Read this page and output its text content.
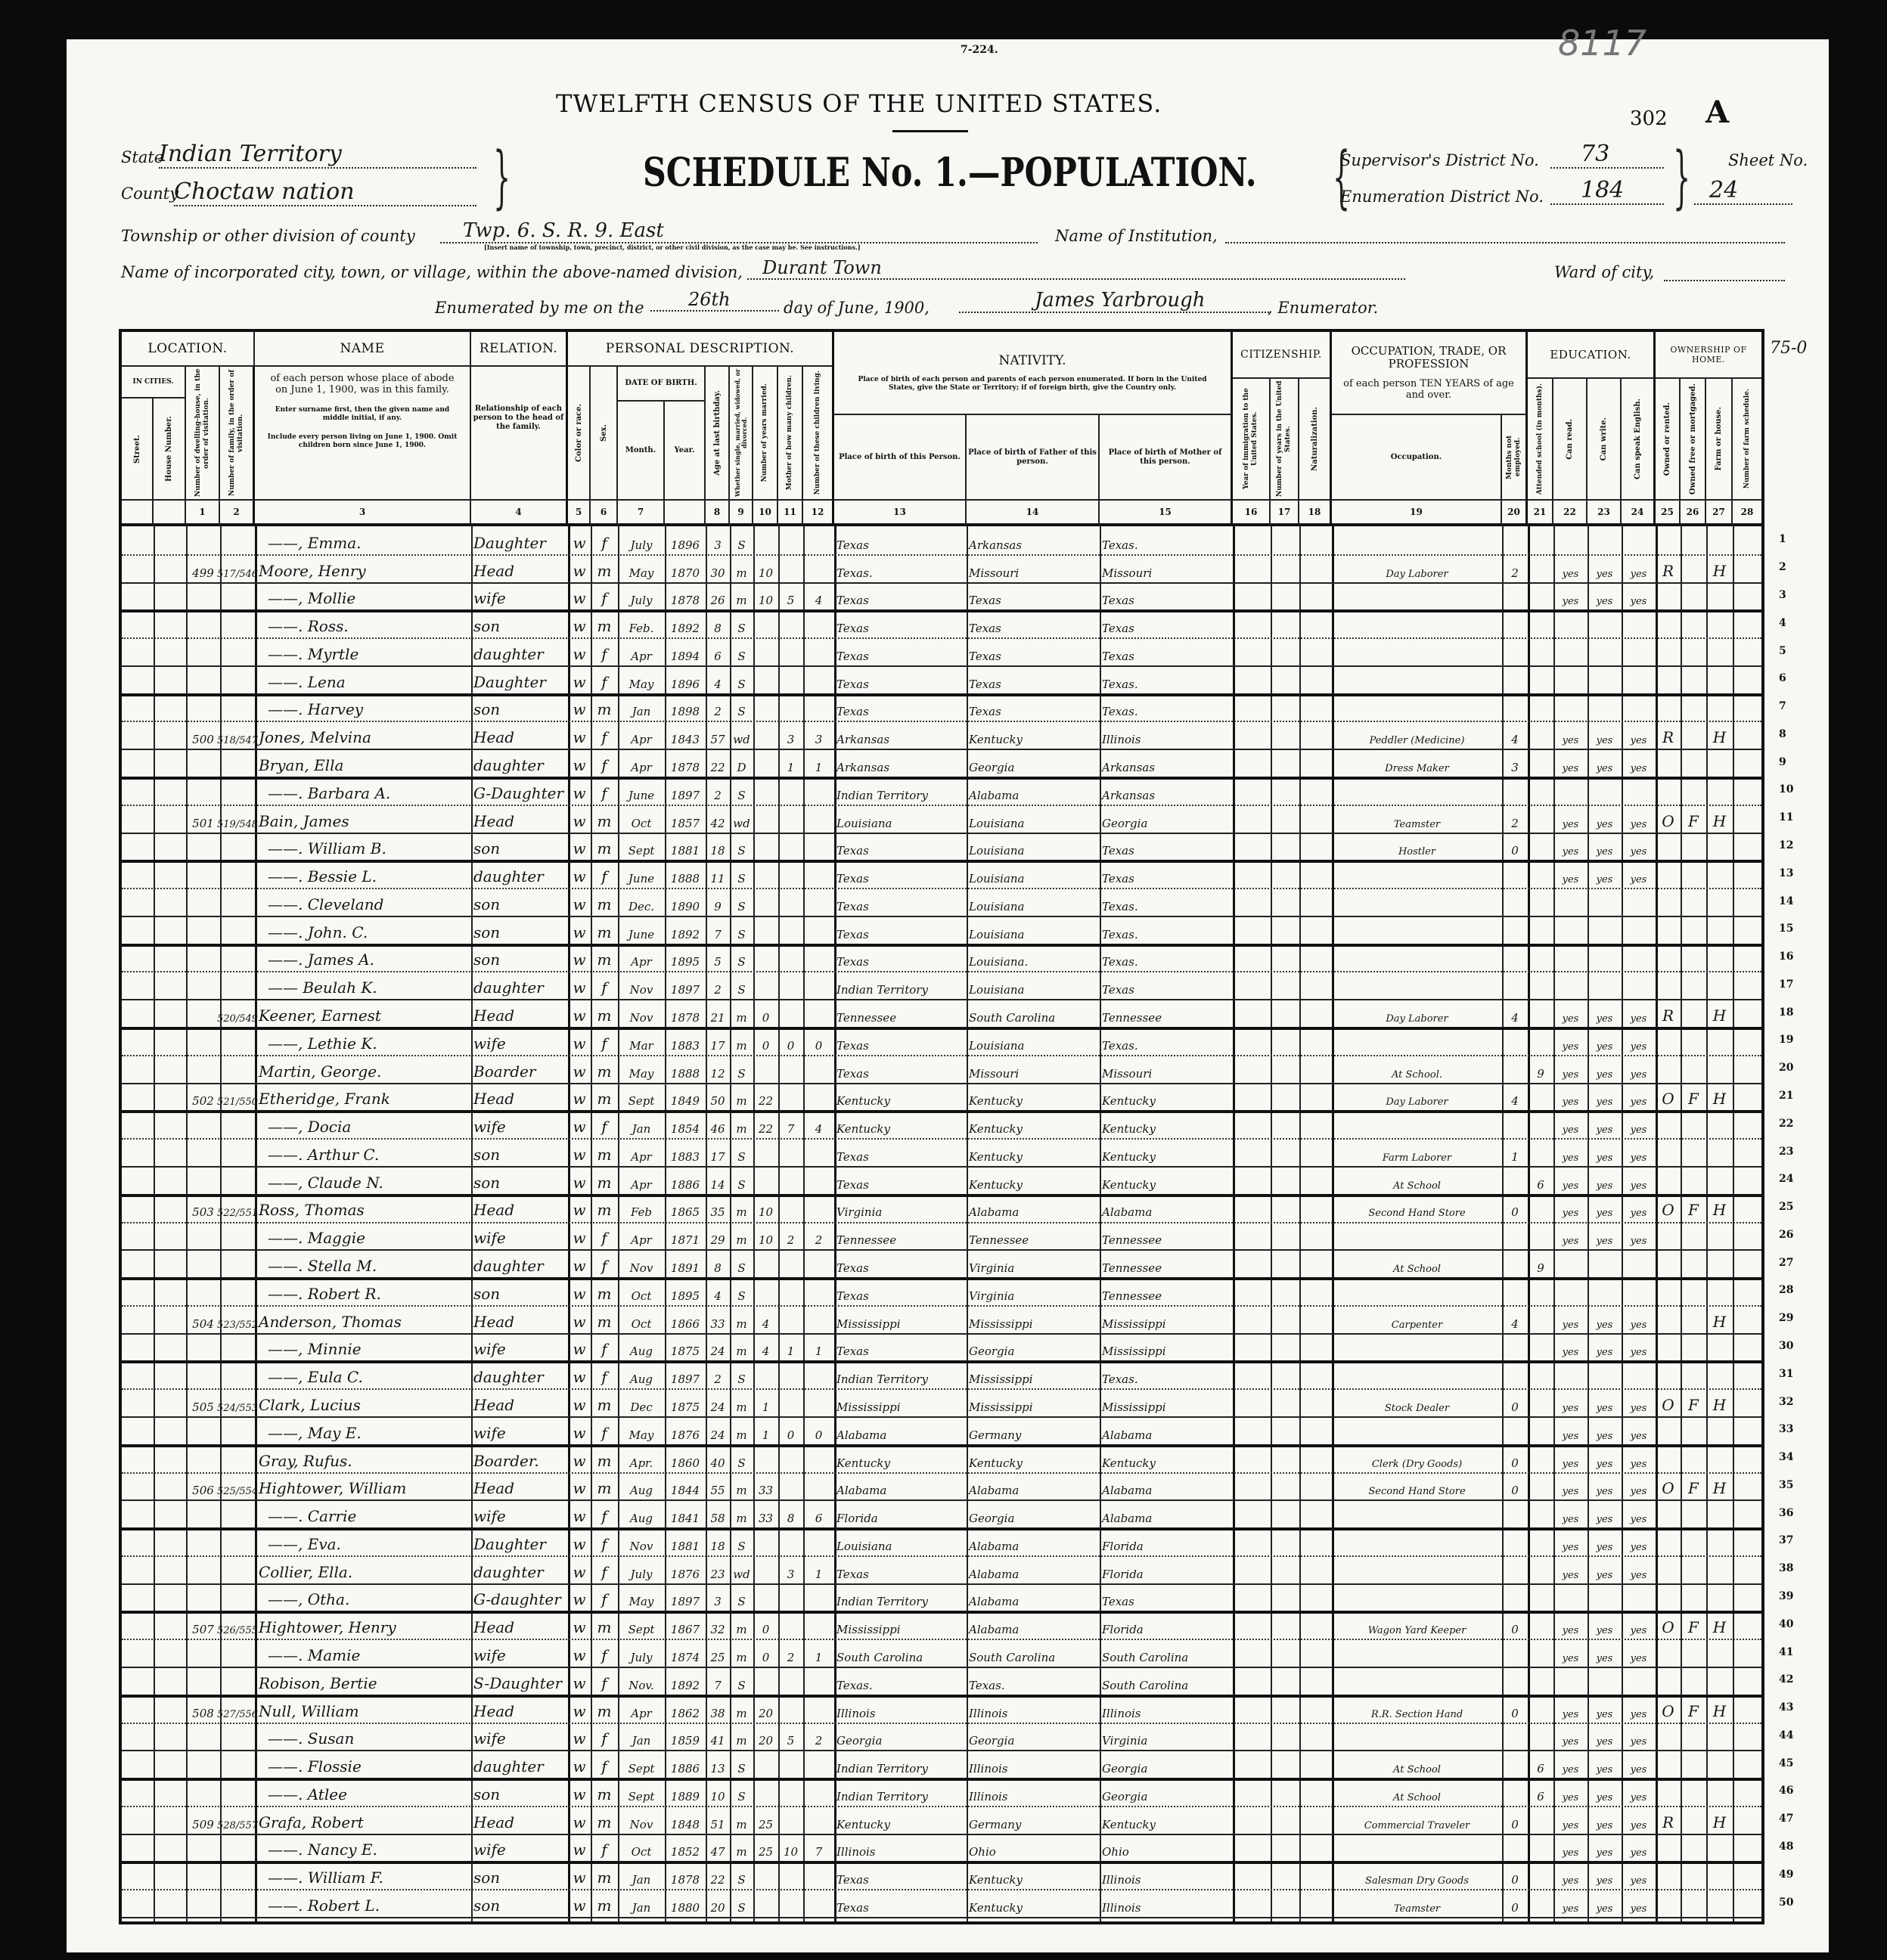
7-224.
TWELFTH CENSUS OF THE UNITED STATES.
8117
302 A
State
Indian Territory
County
Choctaw nation	}	SCHEDULE No. 1.—POPULATION. {
Supervisor's District No.	73
Enumeration District No.	184 } Sheet No.
24
Township or other division of county	Twp. 6. S. R. 9. East
[Insert name of township, town, precinct, district, or other civil division, as the case may be. See instructions.]
Name of Institution,
Name of incorporated city, town, or village, within the above-named division,	Durant Town	Ward of city,
Enumerated by me on the	26th	day of June, 1900,	James Yarbrough	, Enumerator.
75-0
LOCATION.
IN CITIES.
Street.	House Number.	Number of dwelling-house, in the order of visitation.	Number of family, in the order of visitation.
NAME
of each person whose place of abode on June 1, 1900, was in this family.
Enter surname first, then the given name and middle initial, if any.
Include every person living on June 1, 1900. Omit children born since June 1, 1900.
RELATION.
Relationship of each person to the head of the family.
PERSONAL DESCRIPTION.
Color or race. Sex.
DATE OF BIRTH.
Month.	Year.	Age at last birthday. Whether single, married, widowed, or divorced. Number of years married.	Mother of how many children.	Number of these children living.
NATIVITY.
Place of birth of each person and parents of each person enumerated. If born in the United States, give the State or Territory; if of foreign birth, give the Country only.
Place of birth of this Person.
Place of birth of Father of this person.
Place of birth of Mother of this person.
CITIZENSHIP.
Year of immigration to the United States.	Number of years in the United States. Naturalization.
OCCUPATION, TRADE, OR PROFESSION
of each person TEN YEARS of age and over.
Occupation.	Months not employed.
EDUCATION.
Attended school (in months).	Can read.	Can write.	Can speak English.
OWNERSHIP OF HOME.
Owned or rented. Owned free or mortgaged. Farm or house.	Number of farm schedule.
1	2	3	4	5	6	7	8	9	10	11	12	13	14	15	16	17	18	19	20	21	22	23	24	25	26	27	28
——, Emma.	Daughter	w	f	July	1896	3	S	Texas	Arkansas	Texas.
499 517/546 Moore, Henry	Head	w m	May	1870 30 m	10	Texas.	Missouri	Missouri	Day Laborer	2	yes	yes	yes	R	H
——, Mollie	wife	w	f	July	1878 26 m	10	5	4	Texas	Texas	Texas	yes	yes	yes
——. Ross.	son	w m	Feb.	1892	8	S	Texas	Texas	Texas
——. Myrtle	daughter	w	f	Apr	1894	6	S	Texas	Texas	Texas
——. Lena	Daughter	w	f	May	1896	4	S	Texas	Texas	Texas.
——. Harvey	son	w m	Jan	1898	2	S	Texas	Texas	Texas.
500 518/547 Jones, Melvina	Head	w	f	Apr	1843 57 wd	3	3	Arkansas	Kentucky	Illinois	Peddler (Medicine)	4	yes	yes	yes	R	H
Bryan, Ella	daughter	w	f	Apr	1878 22	D	1	1	Arkansas	Georgia	Arkansas	Dress Maker	3	yes	yes	yes
——. Barbara A.	G-Daughter w	f	June	1897	2	S	Indian Territory	Alabama	Arkansas
501 519/548 Bain, James	Head	w m	Oct	1857 42 wd	Louisiana	Louisiana	Georgia	Teamster	2	yes	yes	yes O F H
——. William B.	son	w m	Sept	1881 18	S	Texas	Louisiana	Texas	Hostler	0	yes	yes	yes
——. Bessie L.	daughter	w	f	June	1888 11	S	Texas	Louisiana	Texas	yes	yes	yes
——. Cleveland	son	w m	Dec.	1890	9	S	Texas	Louisiana	Texas.
——. John. C.	son	w m	June	1892	7	S	Texas	Louisiana	Texas.
——. James A.	son	w m	Apr	1895	5	S	Texas	Louisiana.	Texas.
—— Beulah K.	daughter	w	f	Nov	1897	2	S	Indian Territory	Louisiana	Texas
520/549 Keener, Earnest	Head	w m	Nov	1878 21 m	0	Tennessee	South Carolina	Tennessee	Day Laborer	4	yes	yes	yes	R	H
——, Lethie K.	wife	w	f	Mar	1883 17 m	0	0	0	Texas	Louisiana	Texas.	yes	yes	yes
Martin, George.	Boarder	w m	May	1888 12	S	Texas	Missouri	Missouri	At School.	9	yes	yes	yes
502 521/550 Etheridge, Frank	Head	w m	Sept	1849 50 m	22	Kentucky	Kentucky	Kentucky	Day Laborer	4	yes	yes	yes O F H
——, Docia	wife	w	f	Jan	1854 46 m	22	7	4	Kentucky	Kentucky	Kentucky	yes	yes	yes
——. Arthur C.	son	w m	Apr	1883 17	S	Texas	Kentucky	Kentucky	Farm Laborer	1	yes	yes	yes
——, Claude N.	son	w m	Apr	1886 14	S	Texas	Kentucky	Kentucky	At School	6	yes	yes	yes
503 522/551 Ross, Thomas	Head	w m	Feb	1865 35 m	10	Virginia	Alabama	Alabama	Second Hand Store	0	yes	yes	yes O F H
——. Maggie	wife	w	f	Apr	1871 29 m	10	2	2	Tennessee	Tennessee	Tennessee	yes	yes	yes
——. Stella M.	daughter	w	f	Nov	1891	8	S	Texas	Virginia	Tennessee	At School	9
——. Robert R.	son	w m	Oct	1895	4	S	Texas	Virginia	Tennessee
504 523/552 Anderson, Thomas	Head	w m	Oct	1866 33 m	4	Mississippi	Mississippi	Mississippi	Carpenter	4	yes	yes	yes	H
——, Minnie	wife	w	f	Aug	1875 24 m	4	1	1	Texas	Georgia	Mississippi	yes	yes	yes
——, Eula C.	daughter	w	f	Aug	1897	2	S	Indian Territory	Mississippi	Texas.
505 524/553 Clark, Lucius	Head	w m	Dec	1875 24 m	1	Mississippi	Mississippi	Mississippi	Stock Dealer	0	yes	yes	yes O F H
——, May E.	wife	w	f	May	1876 24 m	1	0	0	Alabama	Germany	Alabama	yes	yes	yes
Gray, Rufus.	Boarder.	w m	Apr.	1860 40	S	Kentucky	Kentucky	Kentucky	Clerk (Dry Goods)	0	yes	yes	yes
506 525/554 Hightower, William	Head	w m	Aug	1844 55 m	33	Alabama	Alabama	Alabama	Second Hand Store	0	yes	yes	yes O F H
——. Carrie	wife	w	f	Aug	1841 58 m	33	8	6	Florida	Georgia	Alabama	yes	yes	yes
——, Eva.	Daughter	w	f	Nov	1881 18	S	Louisiana	Alabama	Florida	yes	yes	yes
Collier, Ella.	daughter	w	f	July	1876 23 wd	3	1	Texas	Alabama	Florida	yes	yes	yes
——, Otha.	G-daughter w	f	May	1897	3	S	Indian Territory	Alabama	Texas
507 526/555 Hightower, Henry	Head	w m	Sept	1867 32 m	0	Mississippi	Alabama	Florida	Wagon Yard Keeper	0	yes	yes	yes O F H
——. Mamie	wife	w	f	July	1874 25 m	0	2	1	South Carolina	South Carolina	South Carolina	yes	yes	yes
Robison, Bertie	S-Daughter w	f	Nov.	1892	7	S	Texas.	Texas.	South Carolina
508 527/556 Null, William	Head	w m	Apr	1862 38 m	20	Illinois	Illinois	Illinois	R.R. Section Hand	0	yes	yes	yes O F H
——. Susan	wife	w	f	Jan	1859 41 m	20	5	2	Georgia	Georgia	Virginia	yes	yes	yes
——. Flossie	daughter	w	f	Sept	1886 13	S	Indian Territory	Illinois	Georgia	At School	6	yes	yes	yes
——. Atlee	son	w m	Sept	1889 10	S	Indian Territory	Illinois	Georgia	At School	6	yes	yes	yes
509 528/557 Grafa, Robert	Head	w m	Nov	1848 51 m	25	Kentucky	Germany	Kentucky	Commercial Traveler	0	yes	yes	yes	R	H
——. Nancy E.	wife	w	f	Oct	1852 47 m	25 10	7	Illinois	Ohio	Ohio	yes	yes	yes
——. William F.	son	w m	Jan	1878 22	S	Texas	Kentucky	Illinois	Salesman Dry Goods	0	yes	yes	yes
——. Robert L.	son	w m	Jan	1880 20	S	Texas	Kentucky	Illinois	Teamster	0	yes	yes	yes
1
2
3
4
5
6
7
8
9
10
11
12
13
14
15
16
17
18
19
20
21
22
23
24
25
26
27
28
29
30
31
32
33
34
35
36
37
38
39
40
41
42
43
44
45
46
47
48
49
50
